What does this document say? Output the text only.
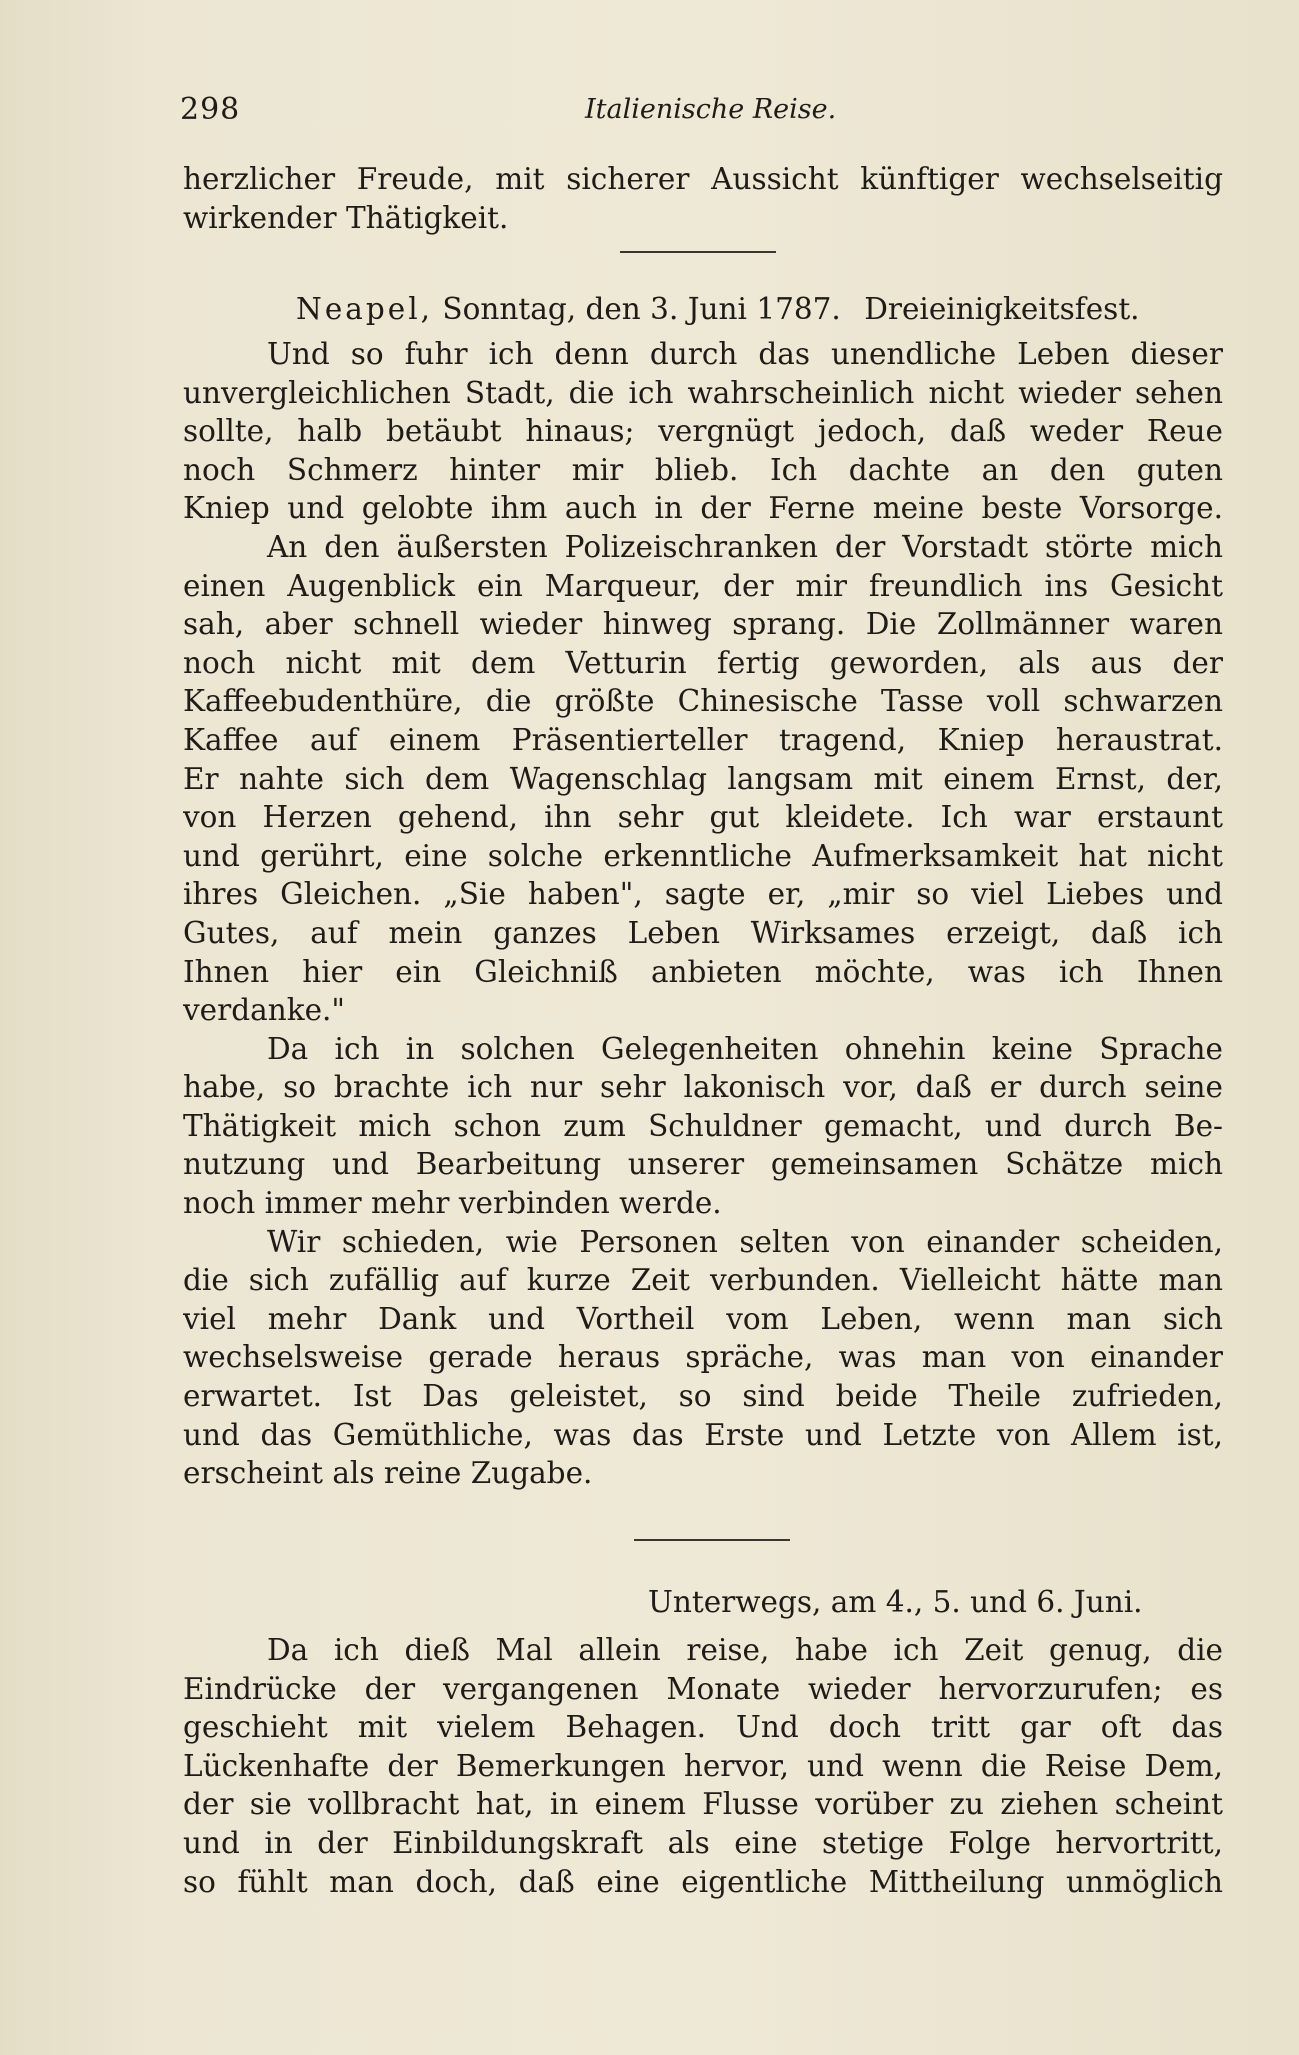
298	Italienische Reise.
herzlicher Freude, mit sicherer Aussicht künftiger wechselseitig
wirkender Thätigkeit.
Neapel, Sonntag, den 3. Juni 1787. Dreieinigkeitsfest.
Und so fuhr ich denn durch das unendliche Leben dieser
unvergleichlichen Stadt, die ich wahrscheinlich nicht wieder sehen
sollte, halb betäubt hinaus; vergnügt jedoch, daß weder Reue
noch Schmerz hinter mir blieb. Ich dachte an den guten
Kniep und gelobte ihm auch in der Ferne meine beste Vorsorge.
An den äußersten Polizeischranken der Vorstadt störte mich
einen Augenblick ein Marqueur, der mir freundlich ins Gesicht
sah, aber schnell wieder hinweg sprang. Die Zollmänner waren
noch nicht mit dem Vetturin fertig geworden, als aus der
Kaffeebudenthüre, die größte Chinesische Tasse voll schwarzen
Kaffee auf einem Präsentierteller tragend, Kniep heraustrat.
Er nahte sich dem Wagenschlag langsam mit einem Ernst, der,
von Herzen gehend, ihn sehr gut kleidete. Ich war erstaunt
und gerührt, eine solche erkenntliche Aufmerksamkeit hat nicht
ihres Gleichen. „Sie haben", sagte er, „mir so viel Liebes und
Gutes, auf mein ganzes Leben Wirksames erzeigt, daß ich
Ihnen hier ein Gleichniß anbieten möchte, was ich Ihnen
verdanke."
Da ich in solchen Gelegenheiten ohnehin keine Sprache
habe, so brachte ich nur sehr lakonisch vor, daß er durch seine
Thätigkeit mich schon zum Schuldner gemacht, und durch Be-
nutzung und Bearbeitung unserer gemeinsamen Schätze mich
noch immer mehr verbinden werde.
Wir schieden, wie Personen selten von einander scheiden,
die sich zufällig auf kurze Zeit verbunden. Vielleicht hätte man
viel mehr Dank und Vortheil vom Leben, wenn man sich
wechselsweise gerade heraus spräche, was man von einander
erwartet. Ist Das geleistet, so sind beide Theile zufrieden,
und das Gemüthliche, was das Erste und Letzte von Allem ist,
erscheint als reine Zugabe.
Unterwegs, am 4., 5. und 6. Juni.
Da ich dieß Mal allein reise, habe ich Zeit genug, die
Eindrücke der vergangenen Monate wieder hervorzurufen; es
geschieht mit vielem Behagen. Und doch tritt gar oft das
Lückenhafte der Bemerkungen hervor, und wenn die Reise Dem,
der sie vollbracht hat, in einem Flusse vorüber zu ziehen scheint
und in der Einbildungskraft als eine stetige Folge hervortritt,
so fühlt man doch, daß eine eigentliche Mittheilung unmöglich
